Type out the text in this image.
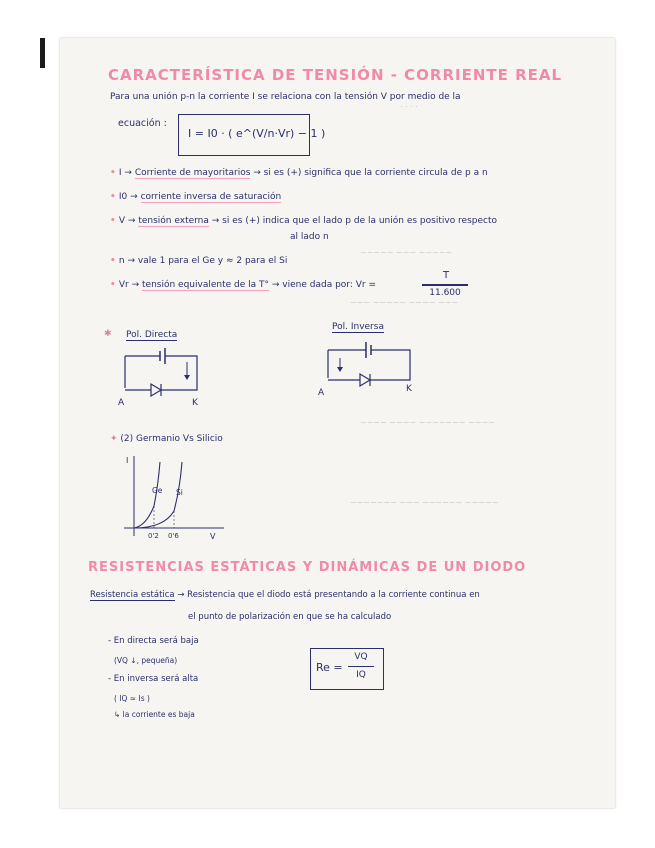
. . . .
~~~~~ ~~~ ~~~~~
~~~ ~~~~~ ~~~~ ~~~
~~~~ ~~~~ ~~~~~~~ ~~~~
~~~~~~~ ~~~ ~~~~~~ ~~~~~
CARACTERÍSTICA DE TENSIÓN - CORRIENTE REAL
Para una unión p-n la corriente I se relaciona con la tensión V por medio de la
ecuación :
I = I0 · ( e^(V/n·Vr) − 1 )
• I → Corriente de mayoritarios → si es (+) significa que la corriente circula de p a n
• I0 → corriente inversa de saturación
• V → tensión externa → si es (+) indica que el lado p de la unión es positivo respecto
al lado n
• n → vale 1 para el Ge y ≈ 2 para el Si
• Vr → tensión equivalente de la T° → viene dada por: Vr =
T
11.600
✱ Pol. Directa
Pol. Inversa
A	K
A	K
✦ (2) Germanio Vs Silicio
I
Ge Si
0'2 0'6	V
RESISTENCIAS ESTÁTICAS Y DINÁMICAS DE UN DIODO
Resistencia estática → Resistencia que el diodo está presentando a la corriente continua en
el punto de polarización en que se ha calculado
- En directa será baja
(VQ ↓, pequeña)
- En inversa será alta
( IQ ≈ Is )
↳ la corriente es baja
Re =
VQ
IQ
